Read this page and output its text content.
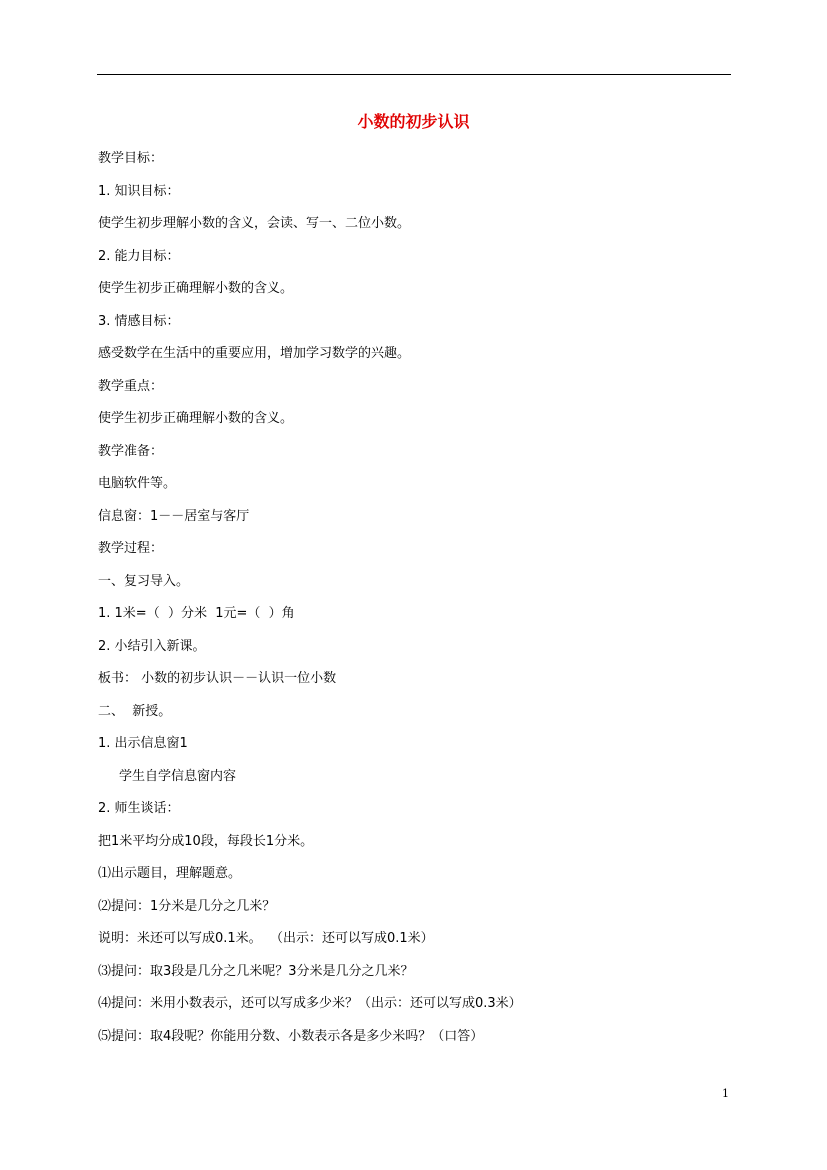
小数的初步认识
教学目标：
1. 知识目标：
使学生初步理解小数的含义，会读、写一、二位小数。
2. 能力目标：
使学生初步正确理解小数的含义。
3. 情感目标：
感受数学在生活中的重要应用，增加学习数学的兴趣。
教学重点：
使学生初步正确理解小数的含义。
教学准备：
电脑软件等。
信息窗：1－－居室与客厅
教学过程：
一、复习导入。
1. 1米=（  ）分米  1元=（  ）角
2. 小结引入新课。
板书： 小数的初步认识－－认识一位小数
二、  新授。
1. 出示信息窗1
学生自学信息窗内容
2. 师生谈话：
把1米平均分成10段，每段长1分米。
⑴出示题目，理解题意。
⑵提问：1分米是几分之几米？
说明：米还可以写成0.1米。  （出示：还可以写成0.1米）
⑶提问：取3段是几分之几米呢？3分米是几分之几米？
⑷提问：米用小数表示，还可以写成多少米？（出示：还可以写成0.3米）
⑸提问：取4段呢？你能用分数、小数表示各是多少米吗？（口答）
1
